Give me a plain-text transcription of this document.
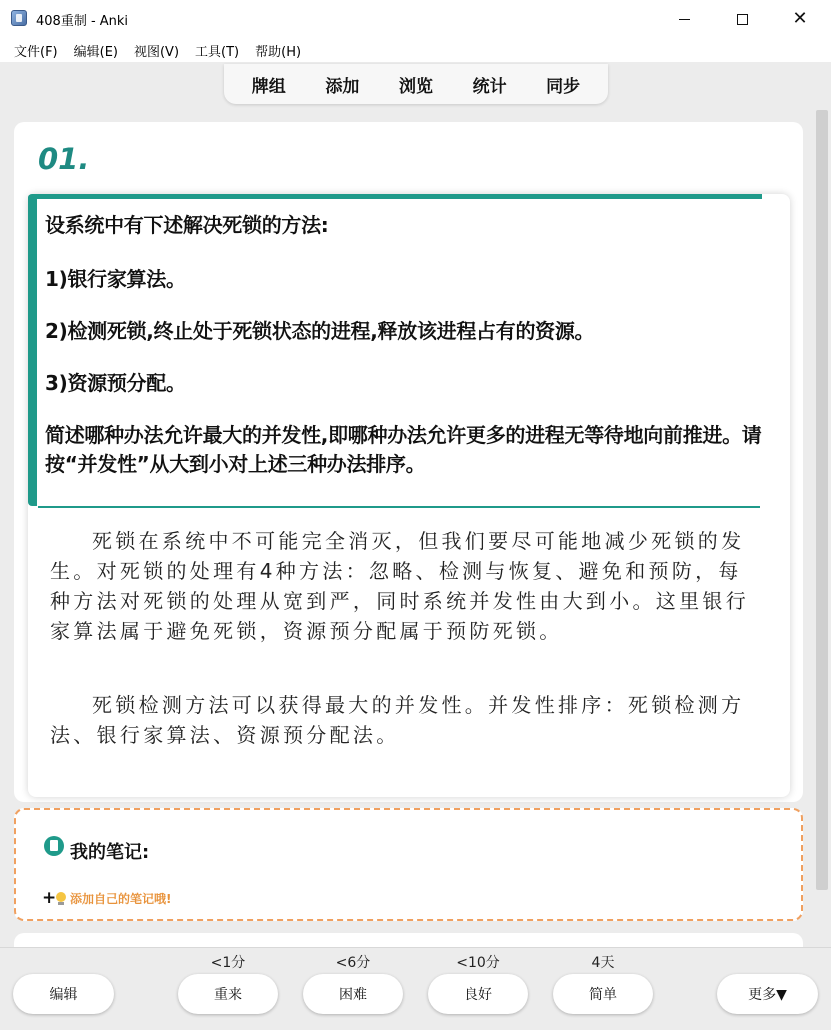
408重制 - Anki	✕
文件(F)	编辑(E)	视图(V)	工具(T)	帮助(H)
牌组 添加 浏览 统计 同步
01.
设系统中有下述解决死锁的方法:
1)银行家算法。
2)检测死锁,终止处于死锁状态的进程,释放该进程占有的资源。
3)资源预分配。
简述哪种办法允许最大的并发性,即哪种办法允许更多的进程无等待地向前推进。请按“并发性”从大到小对上述三种办法排序。
死锁在系统中不可能完全消灭，但我们要尽可能地减少死锁的发生。对死锁的处理有4种方法：忽略、检测与恢复、避免和预防，每种方法对死锁的处理从宽到严，同时系统并发性由大到小。这里银行家算法属于避免死锁，资源预分配属于预防死锁。
死锁检测方法可以获得最大的并发性。并发性排序：死锁检测方法、银行家算法、资源预分配法。
我的笔记:
+ 添加自己的笔记哦!
编辑
<1分
重来
<6分
困难
<10分
良好
4天
简单	更多▼
